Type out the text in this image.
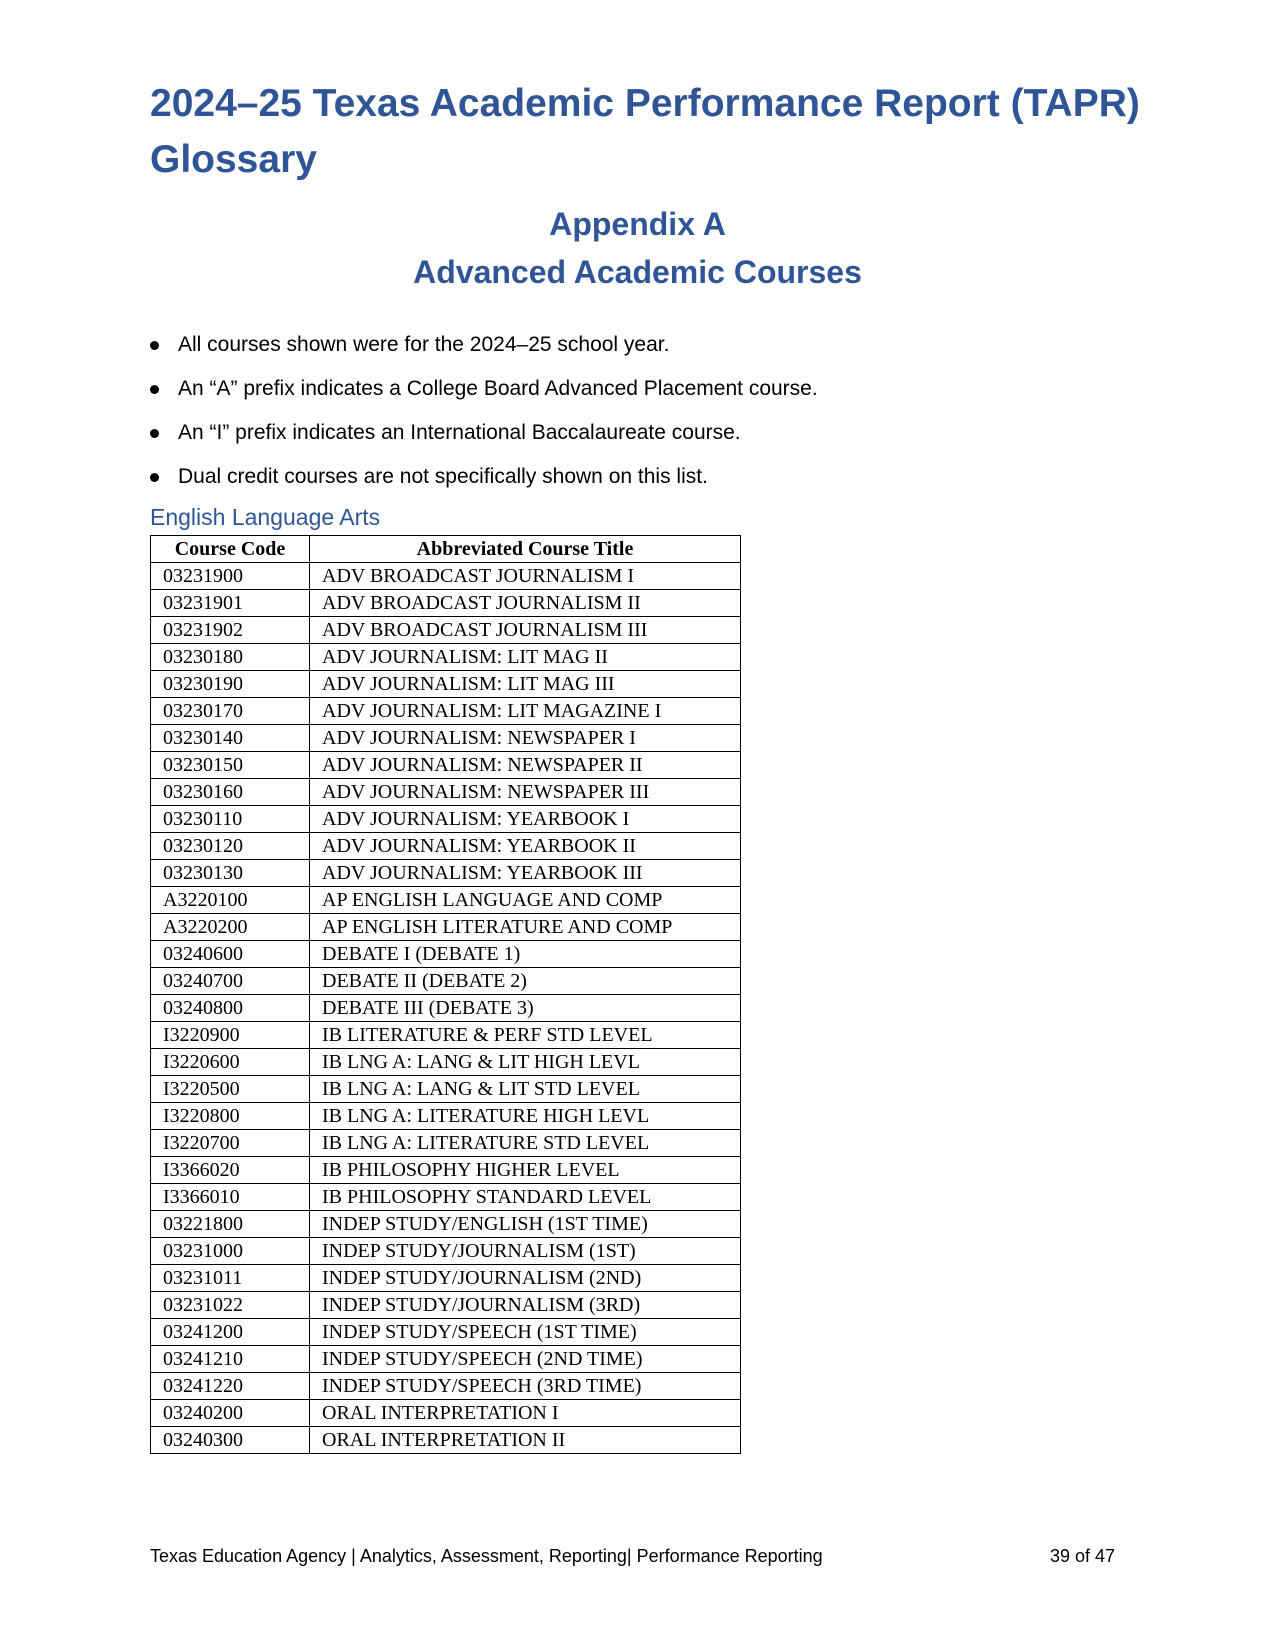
2024–25 Texas Academic Performance Report (TAPR) Glossary
Appendix A
Advanced Academic Courses
All courses shown were for the 2024–25 school year.
An “A” prefix indicates a College Board Advanced Placement course.
An “I” prefix indicates an International Baccalaureate course.
Dual credit courses are not specifically shown on this list.
English Language Arts
Course Code	Abbreviated Course Title
03231900	ADV BROADCAST JOURNALISM I
03231901	ADV BROADCAST JOURNALISM II
03231902	ADV BROADCAST JOURNALISM III
03230180	ADV JOURNALISM: LIT MAG II
03230190	ADV JOURNALISM: LIT MAG III
03230170	ADV JOURNALISM: LIT MAGAZINE I
03230140	ADV JOURNALISM: NEWSPAPER I
03230150	ADV JOURNALISM: NEWSPAPER II
03230160	ADV JOURNALISM: NEWSPAPER III
03230110	ADV JOURNALISM: YEARBOOK I
03230120	ADV JOURNALISM: YEARBOOK II
03230130	ADV JOURNALISM: YEARBOOK III
A3220100	AP ENGLISH LANGUAGE AND COMP
A3220200	AP ENGLISH LITERATURE AND COMP
03240600	DEBATE I (DEBATE 1)
03240700	DEBATE II (DEBATE 2)
03240800	DEBATE III (DEBATE 3)
I3220900	IB LITERATURE & PERF STD LEVEL
I3220600	IB LNG A: LANG & LIT HIGH LEVL
I3220500	IB LNG A: LANG & LIT STD LEVEL
I3220800	IB LNG A: LITERATURE HIGH LEVL
I3220700	IB LNG A: LITERATURE STD LEVEL
I3366020	IB PHILOSOPHY HIGHER LEVEL
I3366010	IB PHILOSOPHY STANDARD LEVEL
03221800	INDEP STUDY/ENGLISH (1ST TIME)
03231000	INDEP STUDY/JOURNALISM (1ST)
03231011	INDEP STUDY/JOURNALISM (2ND)
03231022	INDEP STUDY/JOURNALISM (3RD)
03241200	INDEP STUDY/SPEECH (1ST TIME)
03241210	INDEP STUDY/SPEECH (2ND TIME)
03241220	INDEP STUDY/SPEECH (3RD TIME)
03240200	ORAL INTERPRETATION I
03240300	ORAL INTERPRETATION II
Texas Education Agency | Analytics, Assessment, Reporting| Performance Reporting	39 of 47
